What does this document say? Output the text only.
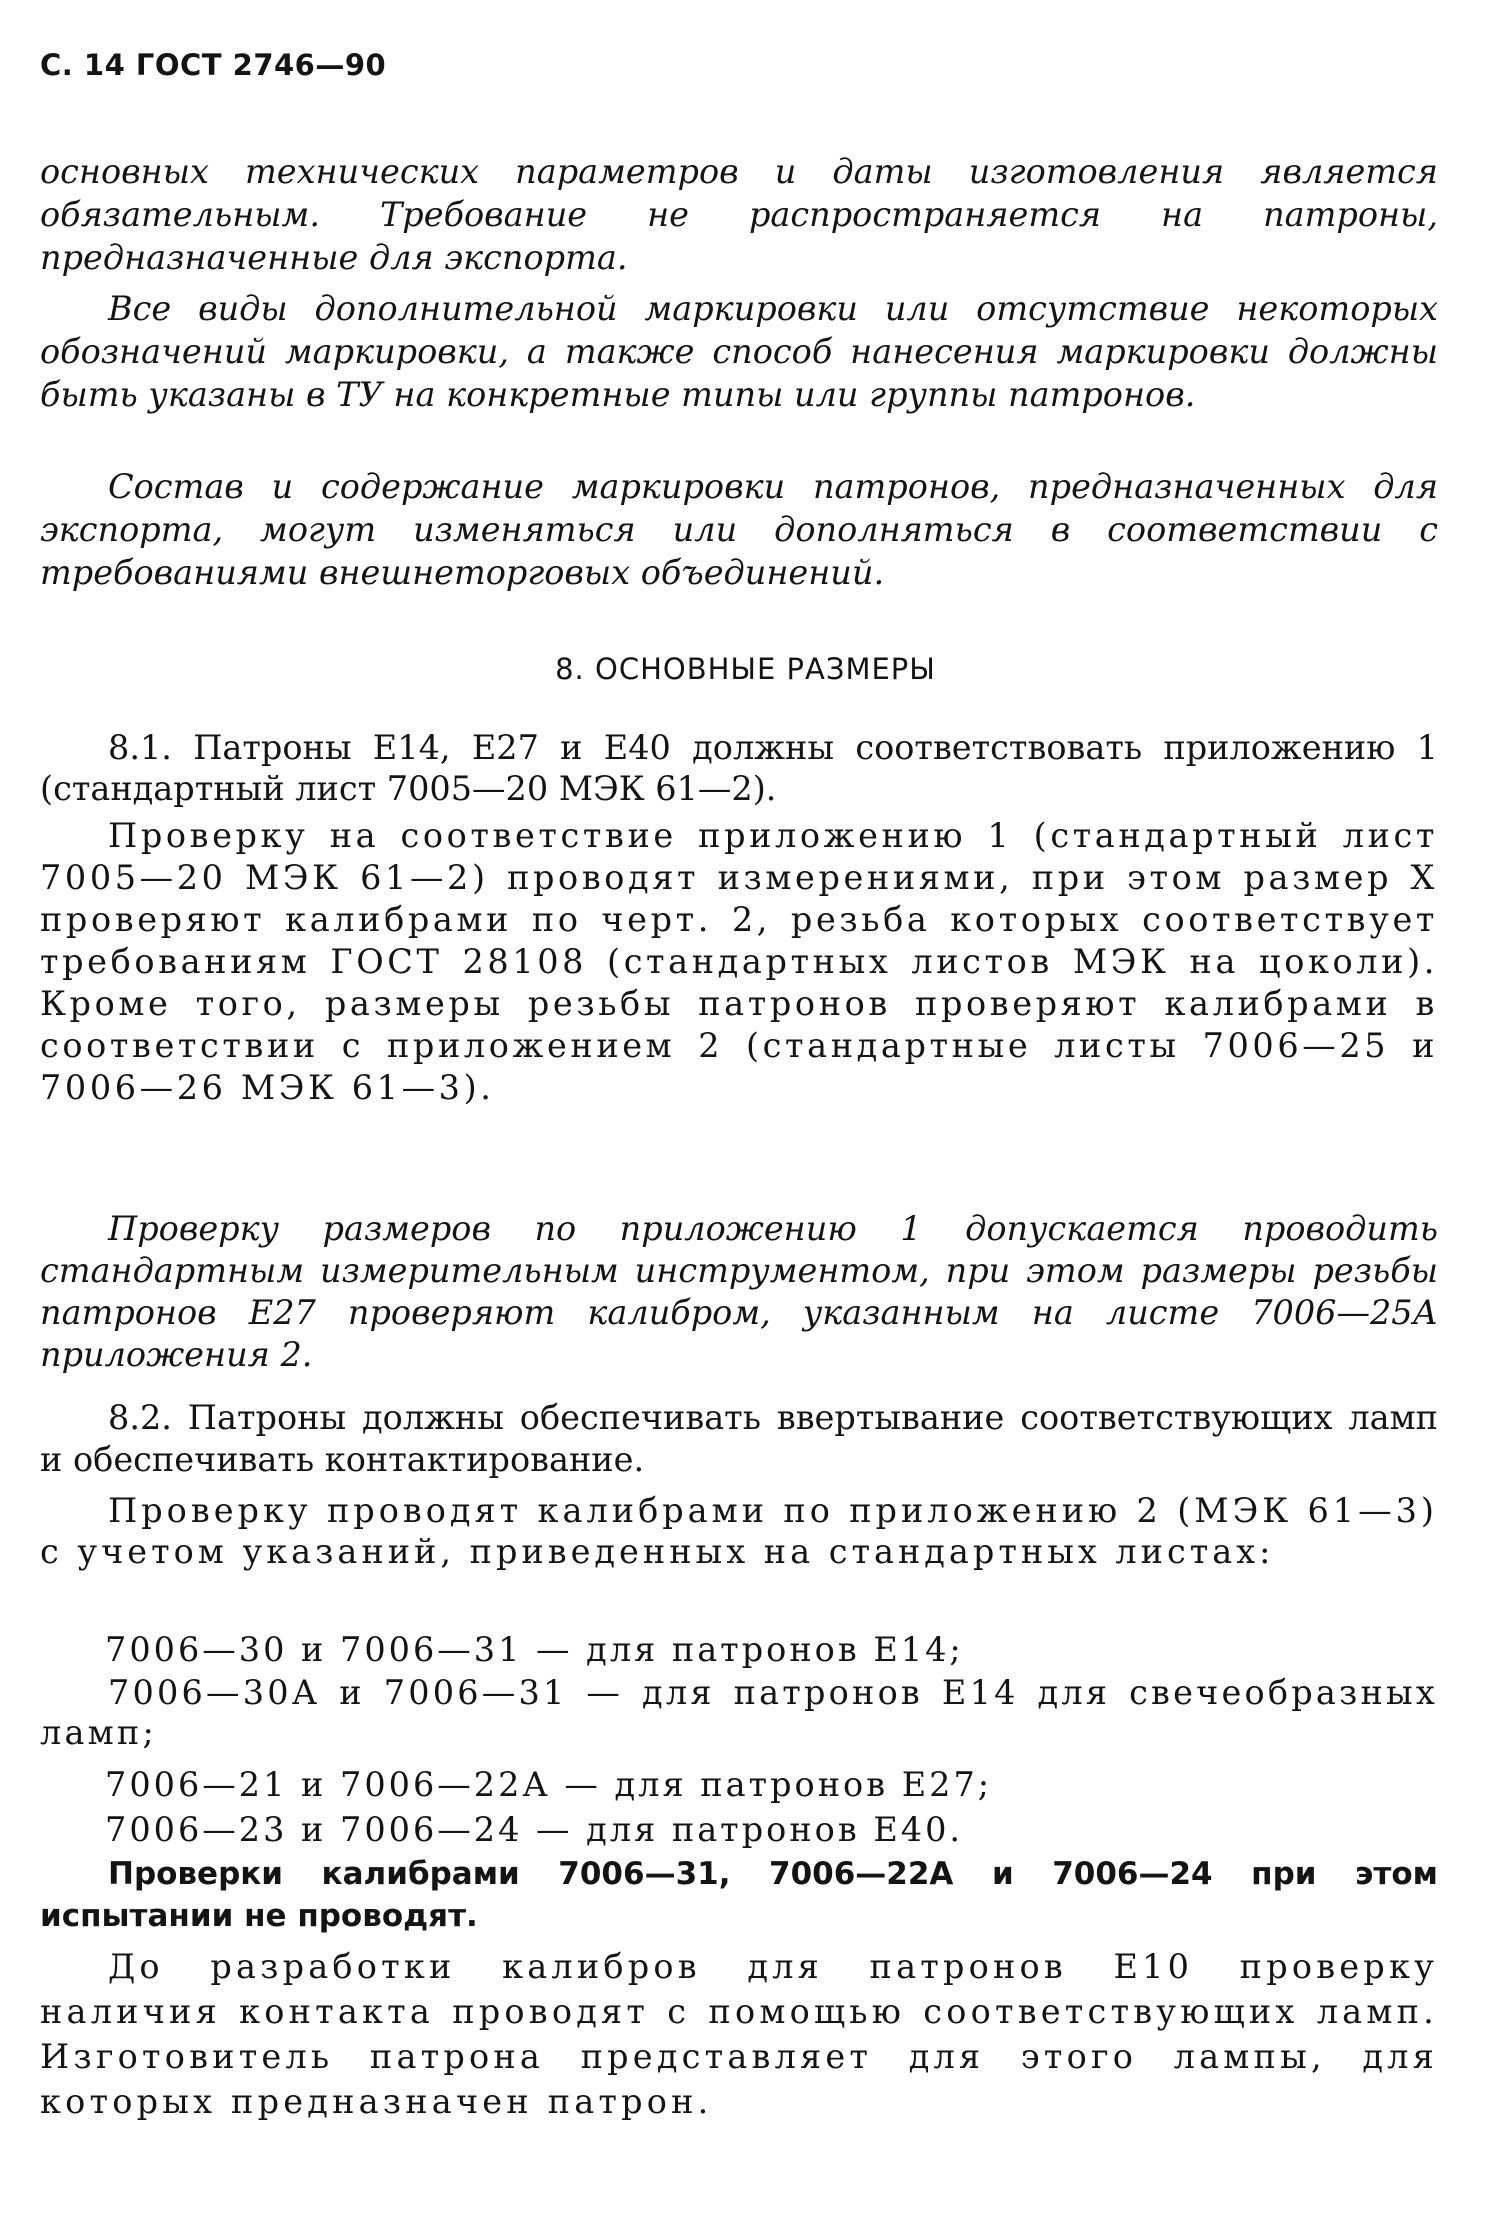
С. 14 ГОСТ 2746—90

основных технических параметров и даты изготовления является обязательным. Требование не распространяется на патроны, предназначенные для экспорта.

Все виды дополнительной маркировки или отсутствие некоторых обозначений маркировки, а также способ нанесения маркировки должны быть указаны в ТУ на конкретные типы или группы патронов.

Состав и содержание маркировки патронов, предназначенных для экспорта, могут изменяться или дополняться в соответствии с требованиями внешнеторговых объединений.

8. ОСНОВНЫЕ РАЗМЕРЫ

8.1. Патроны Е14, Е27 и Е40 должны соответствовать приложению 1 (стандартный лист 7005—20 МЭК 61—2).

Проверку на соответствие приложению 1 (стандартный лист 7005—20 МЭК 61—2) проводят измерениями, при этом размер Х проверяют калибрами по черт. 2, резьба которых соответствует требованиям ГОСТ 28108 (стандартных листов МЭК на цоколи). Кроме того, размеры резьбы патронов проверяют калибрами в соответствии с приложением 2 (стандартные листы 7006—25 и 7006—26 МЭК 61—3).

Проверку размеров по приложению 1 допускается проводить стандартным измерительным инструментом, при этом размеры резьбы патронов Е27 проверяют калибром, указанным на листе 7006—25А приложения 2.

8.2. Патроны должны обеспечивать ввертывание соответствующих ламп и обеспечивать контактирование.

Проверку проводят калибрами по приложению 2 (МЭК 61—3) с учетом указаний, приведенных на стандартных листах:

7006—30 и 7006—31 — для патронов Е14;

7006—30А и 7006—31 — для патронов Е14 для свечеобразных ламп;

7006—21 и 7006—22А — для патронов Е27;
7006—23 и 7006—24 — для патронов Е40.

Проверки калибрами 7006—31, 7006—22А и 7006—24 при этом испытании не проводят.

До разработки калибров для патронов Е10 проверку наличия контакта проводят с помощью соответствующих ламп. Изготовитель патрона представляет для этого лампы, для которых предназначен патрон.
